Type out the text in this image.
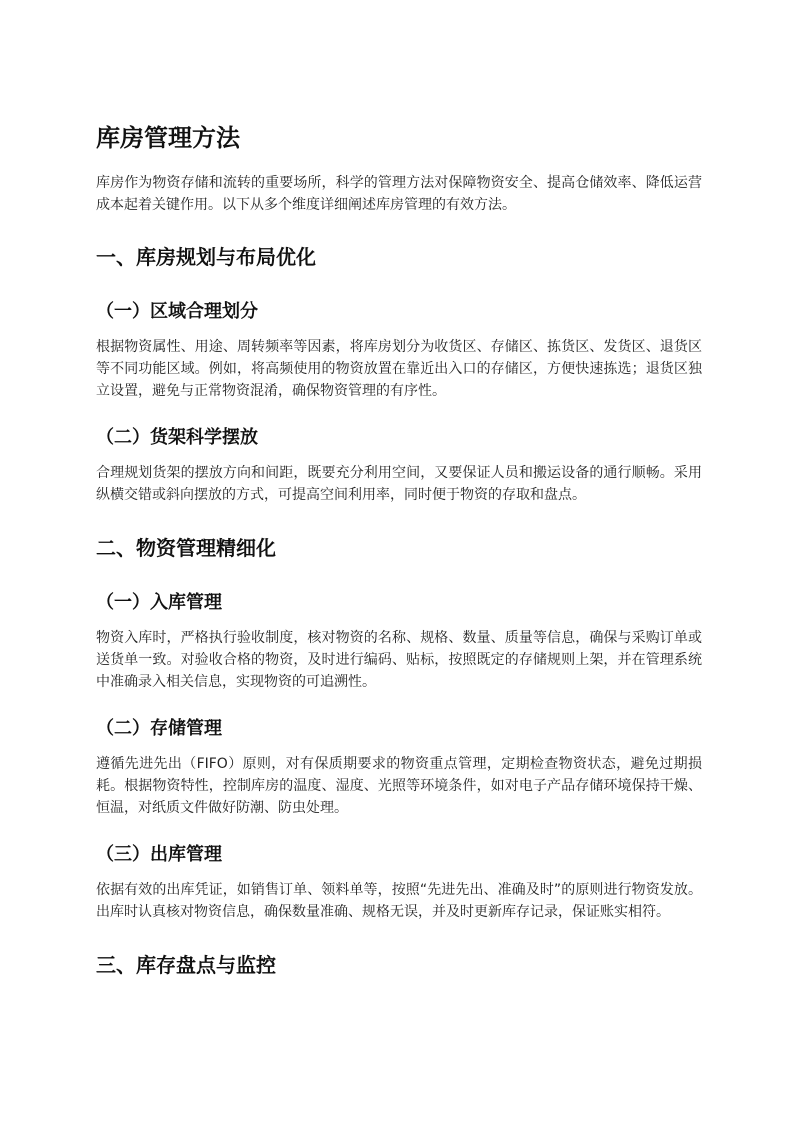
库房管理方法

库房作为物资存储和流转的重要场所，科学的管理方法对保障物资安全、提高仓储效率、降低运营成本起着关键作用。以下从多个维度详细阐述库房管理的有效方法。

一、库房规划与布局优化
（一）区域合理划分

根据物资属性、用途、周转频率等因素，将库房划分为收货区、存储区、拣货区、发货区、退货区等不同功能区域。例如，将高频使用的物资放置在靠近出入口的存储区，方便快速拣选；退货区独立设置，避免与正常物资混淆，确保物资管理的有序性。

（二）货架科学摆放

合理规划货架的摆放方向和间距，既要充分利用空间，又要保证人员和搬运设备的通行顺畅。采用纵横交错或斜向摆放的方式，可提高空间利用率，同时便于物资的存取和盘点。

二、物资管理精细化
（一）入库管理

物资入库时，严格执行验收制度，核对物资的名称、规格、数量、质量等信息，确保与采购订单或送货单一致。对验收合格的物资，及时进行编码、贴标，按照既定的存储规则上架，并在管理系统中准确录入相关信息，实现物资的可追溯性。

（二）存储管理

遵循先进先出（FIFO）原则，对有保质期要求的物资重点管理，定期检查物资状态，避免过期损耗。根据物资特性，控制库房的温度、湿度、光照等环境条件，如对电子产品存储环境保持干燥、恒温，对纸质文件做好防潮、防虫处理。

（三）出库管理

依据有效的出库凭证，如销售订单、领料单等，按照“先进先出、准确及时”的原则进行物资发放。出库时认真核对物资信息，确保数量准确、规格无误，并及时更新库存记录，保证账实相符。

三、库存盘点与监控
